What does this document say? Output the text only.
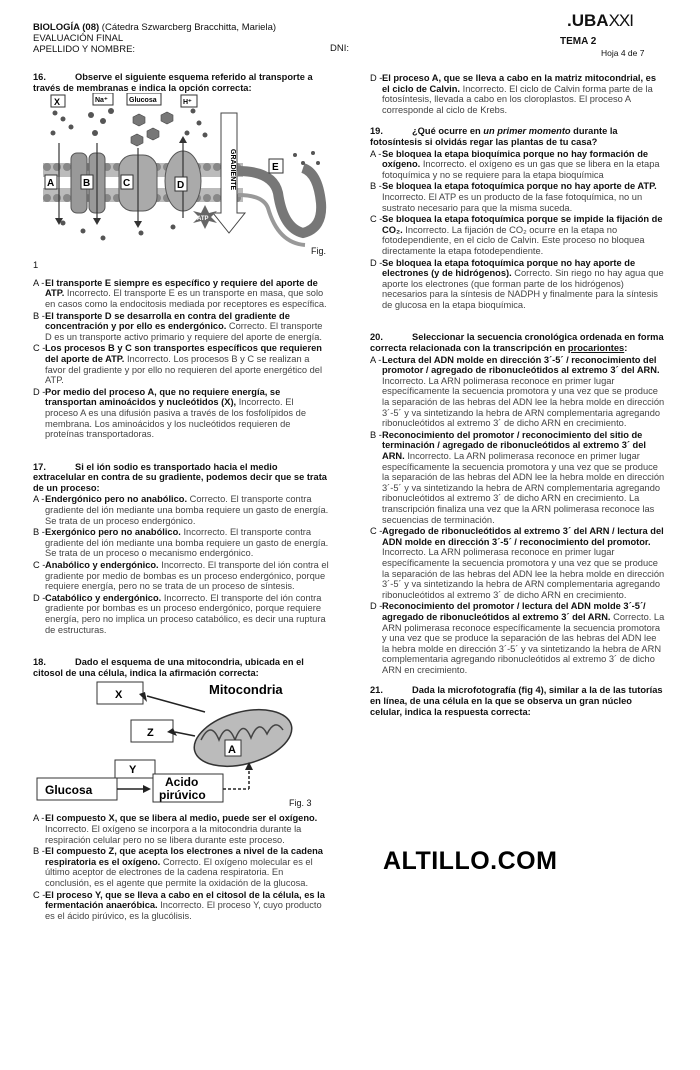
BIOLOGÍA (08) (Cátedra Szwarcberg Bracchitta, Mariela)
EVALUACIÓN FINAL
APELLIDO Y NOMBRE:	DNI:
.UBAXXI
TEMA 2
Hoja 4 de 7
16.	Observe el siguiente esquema referido al transporte a través de membranas e indica la opción correcta:
X	Na⁺	Glucosa	H⁺
GRADIENTE
A	B	C	D
E
ATP
Fig.
1
A - El transporte E siempre es específico y requiere del aporte de ATP. Incorrecto. El transporte E es un transporte en masa, que solo en casos como la endocitosis mediada por receptores es específica.
B - El transporte D se desarrolla en contra del gradiente de concentración y por ello es endergónico. Correcto. El transporte D es un transporte activo primario y requiere del aporte de energía.
C - Los procesos B y C son transportes específicos que requieren del aporte de ATP. Incorrecto. Los procesos B y C se realizan a favor del gradiente y por ello no requieren del aporte energético del ATP.
D - Por medio del proceso A, que no requiere energía, se transportan aminoácidos y nucleótidos (X), Incorrecto. El proceso A es una difusión pasiva a través de los fosfolípidos de membrana. Los aminoácidos y los nucleótidos requieren de proteínas transportadoras.
17.	Si el ión sodio es transportado hacia el medio extracelular en contra de su gradiente, podemos decir que se trata de un proceso:
A - Endergónico pero no anabólico. Correcto. El transporte contra gradiente del ión mediante una bomba requiere un gasto de energía. Se trata de un proceso endergónico.
B - Exergónico pero no anabólico. Incorrecto. El transporte contra gradiente del ión mediante una bomba requiere un gasto de energía. Se trata de un proceso o mecanismo endergónico.
C - Anabólico y endergónico. Incorrecto. El transporte del ión contra el gradiente por medio de bombas es un proceso endergónico, porque requiere energía, pero no se trata de un proceso de síntesis.
D - Catabólico y endergónico. Incorrecto. El transporte del ión contra gradiente por bombas es un proceso endergónico, porque requiere energía, pero no implica un proceso catabólico, es decir una ruptura de estructuras.
18.	Dado el esquema de una mitocondria, ubicada en el citosol de una célula, indica la afirmación correcta:
X	Mitocondria
Z
A
Y
Glucosa
Acido
pirúvico
Fig. 3
A - El compuesto X, que se libera al medio, puede ser el oxígeno. Incorrecto. El oxígeno se incorpora a la mitocondria durante la respiración celular pero no se libera durante este proceso.
B - El compuesto Z, que acepta los electrones a nivel de la cadena respiratoria es el oxígeno. Correcto. El oxígeno molecular es el último aceptor de electrones de la cadena respiratoria. En conclusión, es el agente que permite la oxidación de la glucosa.
C - El proceso Y, que se lleva a cabo en el citosol de la célula, es la fermentación anaeróbica. Incorrecto. El proceso Y, cuyo producto es el ácido pirúvico, es la glucólisis.
D - El proceso A, que se lleva a cabo en la matriz mitocondrial, es el ciclo de Calvin. Incorrecto. El ciclo de Calvin forma parte de la fotosíntesis, llevada a cabo en los cloroplastos. El proceso A corresponde al ciclo de Krebs.
19.	¿Qué ocurre en un primer momento durante la fotosíntesis si olvidás regar las plantas de tu casa?
A - Se bloquea la etapa bioquímica porque no hay formación de oxígeno. Incorrecto. el oxígeno es un gas que se libera en la etapa fotoquímica y no se requiere para la etapa bioquímica
B - Se bloquea la etapa fotoquímica porque no hay aporte de ATP. Incorrecto. El ATP es un producto de la fase fotoquímica, no un sustrato necesario para que la misma suceda.
C - Se bloquea la etapa fotoquímica porque se impide la fijación de CO₂. Incorrecto. La fijación de CO₂ ocurre en la etapa no fotodependiente, en el ciclo de Calvin. Este proceso no bloquea directamente la etapa fotodependiente.
D - Se bloquea la etapa fotoquímica porque no hay aporte de electrones (y de hidrógenos). Correcto. Sin riego no hay agua que aporte los electrones (que forman parte de los hidrógenos) necesarios para la síntesis de NADPH y finalmente para la síntesis de glucosa en la etapa bioquímica.
20.	Seleccionar la secuencia cronológica ordenada en forma correcta relacionada con la transcripción en procariontes:
A - Lectura del ADN molde en dirección 3´-5´ / reconocimiento del promotor / agregado de ribonucleótidos al extremo 3´ del ARN. Incorrecto. La ARN polimerasa reconoce en primer lugar específicamente la secuencia promotora y una vez que se produce la separación de las hebras del ADN lee la hebra molde en dirección 3´-5´ y va sintetizando la hebra de ARN complementaria agregando ribonucleótidos al extremo 3´ de dicho ARN en crecimiento.
B - Reconocimiento del promotor / reconocimiento del sitio de terminación / agregado de ribonucleótidos al extremo 3´ del ARN. Incorrecto. La ARN polimerasa reconoce en primer lugar específicamente la secuencia promotora y una vez que se produce la separación de las hebras del ADN lee la hebra molde en dirección 3´-5´ y va sintetizando la hebra de ARN complementaria agregando ribonucleótidos al extremo 3´ de dicho ARN en crecimiento. La transcripción finaliza una vez que la ARN polimerasa reconoce las secuencias de terminación.
C - Agregado de ribonucleótidos al extremo 3´ del ARN / lectura del ADN molde en dirección 3´-5´ / reconocimiento del promotor. Incorrecto. La ARN polimerasa reconoce en primer lugar específicamente la secuencia promotora y una vez que se produce la separación de las hebras del ADN lee la hebra molde en dirección 3´-5´ y va sintetizando la hebra de ARN complementaria agregando ribonucleótidos al extremo 3´ de dicho ARN en crecimiento.
D - Reconocimiento del promotor / lectura del ADN molde 3´-5´/ agregado de ribonucleótidos al extremo 3´ del ARN. Correcto. La ARN polimerasa reconoce específicamente la secuencia promotora y una vez que se produce la separación de las hebras del ADN lee la hebra molde en dirección 3´-5´ y va sintetizando la hebra de ARN complementaria agregando ribonucleótidos al extremo 3´ de dicho ARN en crecimiento.
21.	Dada la microfotografía (fig 4), similar a la de las tutorías en línea, de una célula en la que se observa un gran núcleo celular, indica la respuesta correcta:
ALTILLO.COM
